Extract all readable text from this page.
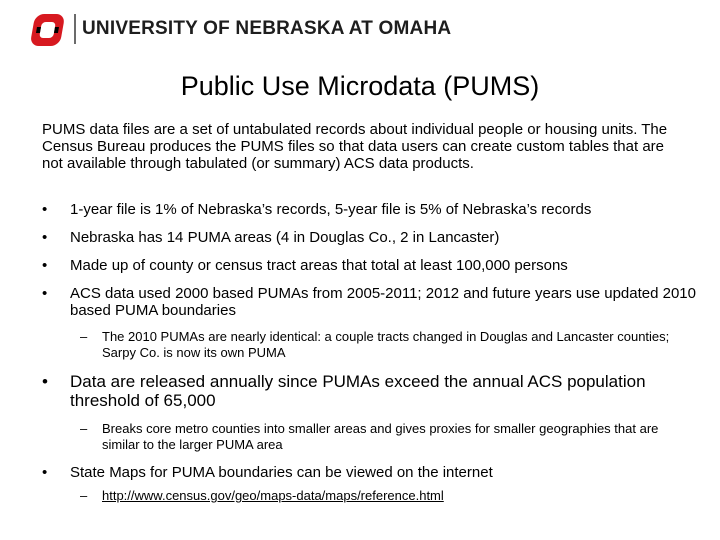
UNIVERSITY OF NEBRASKA AT OMAHA
Public Use Microdata (PUMS)
PUMS data files are a set of untabulated records about individual people or housing units. The Census Bureau produces the PUMS files so that data users can create custom tables that are not available through tabulated (or summary) ACS data products.
•	1-year file is 1% of Nebraska’s records, 5-year file is 5% of Nebraska’s records
•	Nebraska has 14 PUMA areas (4 in Douglas Co., 2 in Lancaster)
•	Made up of county or census tract areas that total at least 100,000 persons
•	ACS data used 2000 based PUMAs from 2005-2011; 2012 and future years use updated 2010 based PUMA boundaries
–	The 2010 PUMAs are nearly identical: a couple tracts changed in Douglas and Lancaster counties; Sarpy Co. is now its own PUMA
•	Data are released annually since PUMAs exceed the annual ACS population threshold of 65,000
–	Breaks core metro counties into smaller areas and gives proxies for smaller geographies that are similar to the larger PUMA area
•	State Maps for PUMA boundaries can be viewed on the internet
–	http://www.census.gov/geo/maps-data/maps/reference.html
